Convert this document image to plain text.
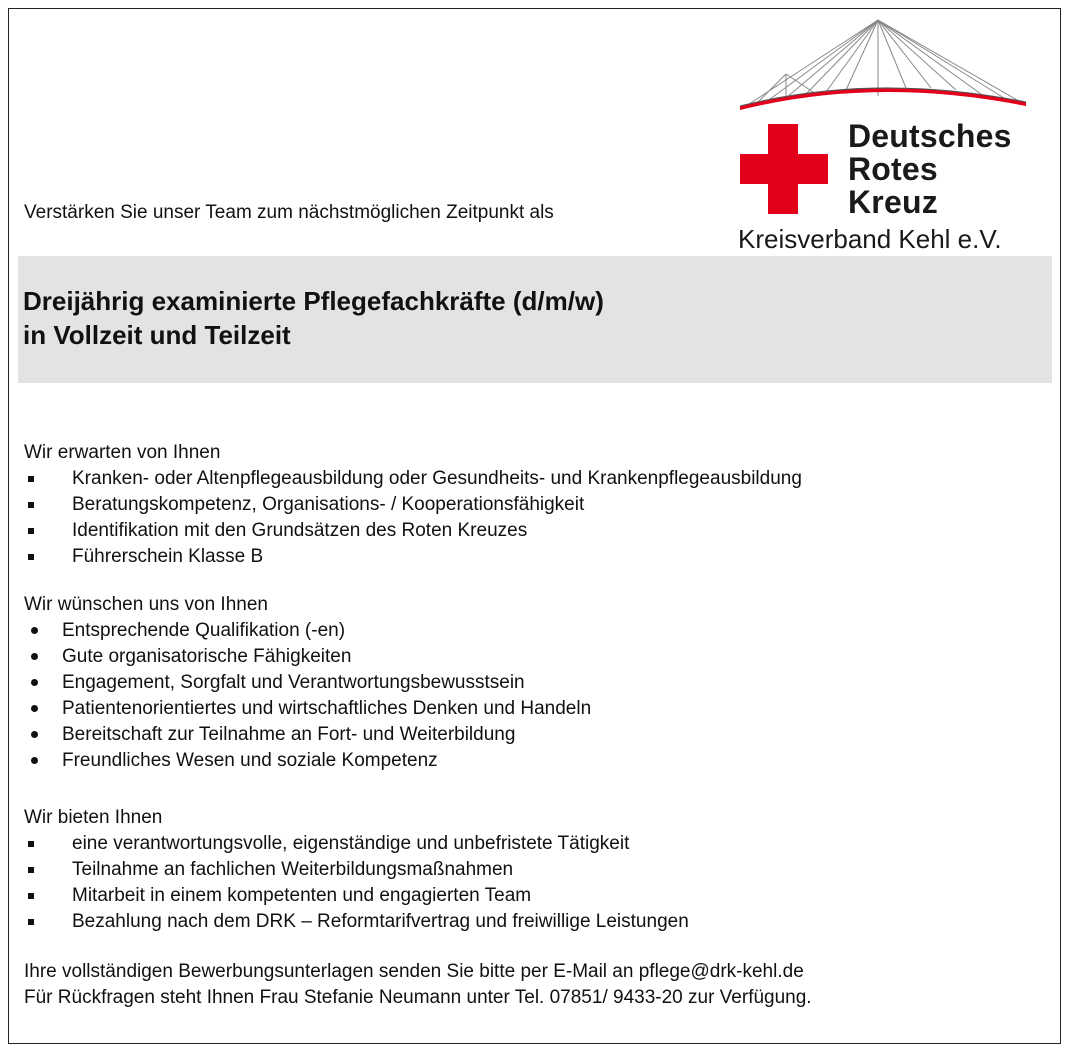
Verstärken Sie unser Team zum nächstmöglichen Zeitpunkt als
Deutsches
Rotes
Kreuz
Kreisverband Kehl e.V.
Dreijährig examinierte Pflegefachkräfte (d/m/w)
in Vollzeit und Teilzeit
Wir erwarten von Ihnen
Kranken- oder Altenpflegeausbildung oder Gesundheits- und Krankenpflegeausbildung
Beratungskompetenz, Organisations- / Kooperationsfähigkeit
Identifikation mit den Grundsätzen des Roten Kreuzes
Führerschein Klasse B
Wir wünschen uns von Ihnen
Entsprechende Qualifikation (-en)
Gute organisatorische Fähigkeiten
Engagement, Sorgfalt und Verantwortungsbewusstsein
Patientenorientiertes und wirtschaftliches Denken und Handeln
Bereitschaft zur Teilnahme an Fort- und Weiterbildung
Freundliches Wesen und soziale Kompetenz
Wir bieten Ihnen
eine verantwortungsvolle, eigenständige und unbefristete Tätigkeit
Teilnahme an fachlichen Weiterbildungsmaßnahmen
Mitarbeit in einem kompetenten und engagierten Team
Bezahlung nach dem DRK – Reformtarifvertrag und freiwillige Leistungen
Ihre vollständigen Bewerbungsunterlagen senden Sie bitte per E-Mail an pflege@drk-kehl.de
Für Rückfragen steht Ihnen Frau Stefanie Neumann unter Tel. 07851/ 9433-20 zur Verfügung.
